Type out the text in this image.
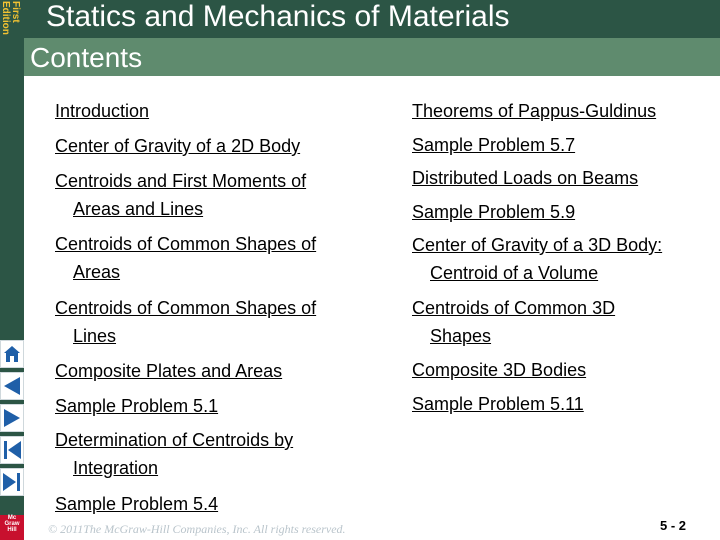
First
Edition Statics and Mechanics of Materials
Contents
Introduction
Center of Gravity of a 2D Body
Centroids and First Moments of
Areas and Lines
Centroids of Common Shapes of
Areas
Centroids of Common Shapes of
Lines
Composite Plates and Areas
Sample Problem 5.1
Determination of Centroids by
Integration
Sample Problem 5.4
Theorems of Pappus-Guldinus
Sample Problem 5.7
Distributed Loads on Beams
Sample Problem 5.9
Center of Gravity of a 3D Body:
Centroid of a Volume
Centroids of Common 3D
Shapes
Composite 3D Bodies
Sample Problem 5.11
Mc
Graw
Hill	© 2011The McGraw-Hill Companies, Inc. All rights reserved.	5 - 2
